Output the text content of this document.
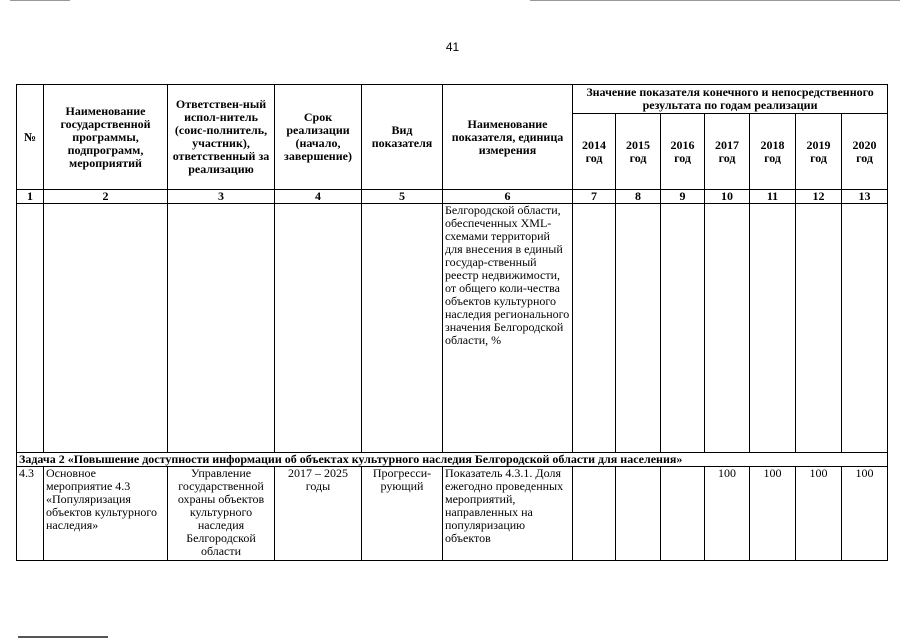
41
№	Наименование государственной программы, подпрограмм, мероприятий	Ответствен-ный испол-нитель (соис-полнитель, участник), ответственный за реализацию	Срок реализации (начало, завершение)	Вид показателя	Наименование показателя, единица измерения	Значение показателя конечного и непосредственного результата по годам реализации						
						2014 год	2015 год	2016 год	2017 год	2018 год	2019 год	2020 год
1	2	3	4	5	6	7	8	9	10	11	12	13
					Белгородской области, обеспеченных XML-схемами территорий для внесения в единый государ-ственный реестр недвижимости, от общего коли-чества объектов культурного наследия регионального значения Белгородской области, %							
Задача 2 «Повышение доступности информации об объектах культурного наследия Белгородской области для населения»												
4.3	Основное мероприятие 4.3 «Популяризация объектов культурного наследия»	Управление государственной охраны объектов культурного наследия Белгородской области	2017 – 2025 годы	Прогресси-рующий	Показатель 4.3.1. Доля ежегодно проведенных мероприятий, направленных на популяризацию объектов				100	100	100	100
